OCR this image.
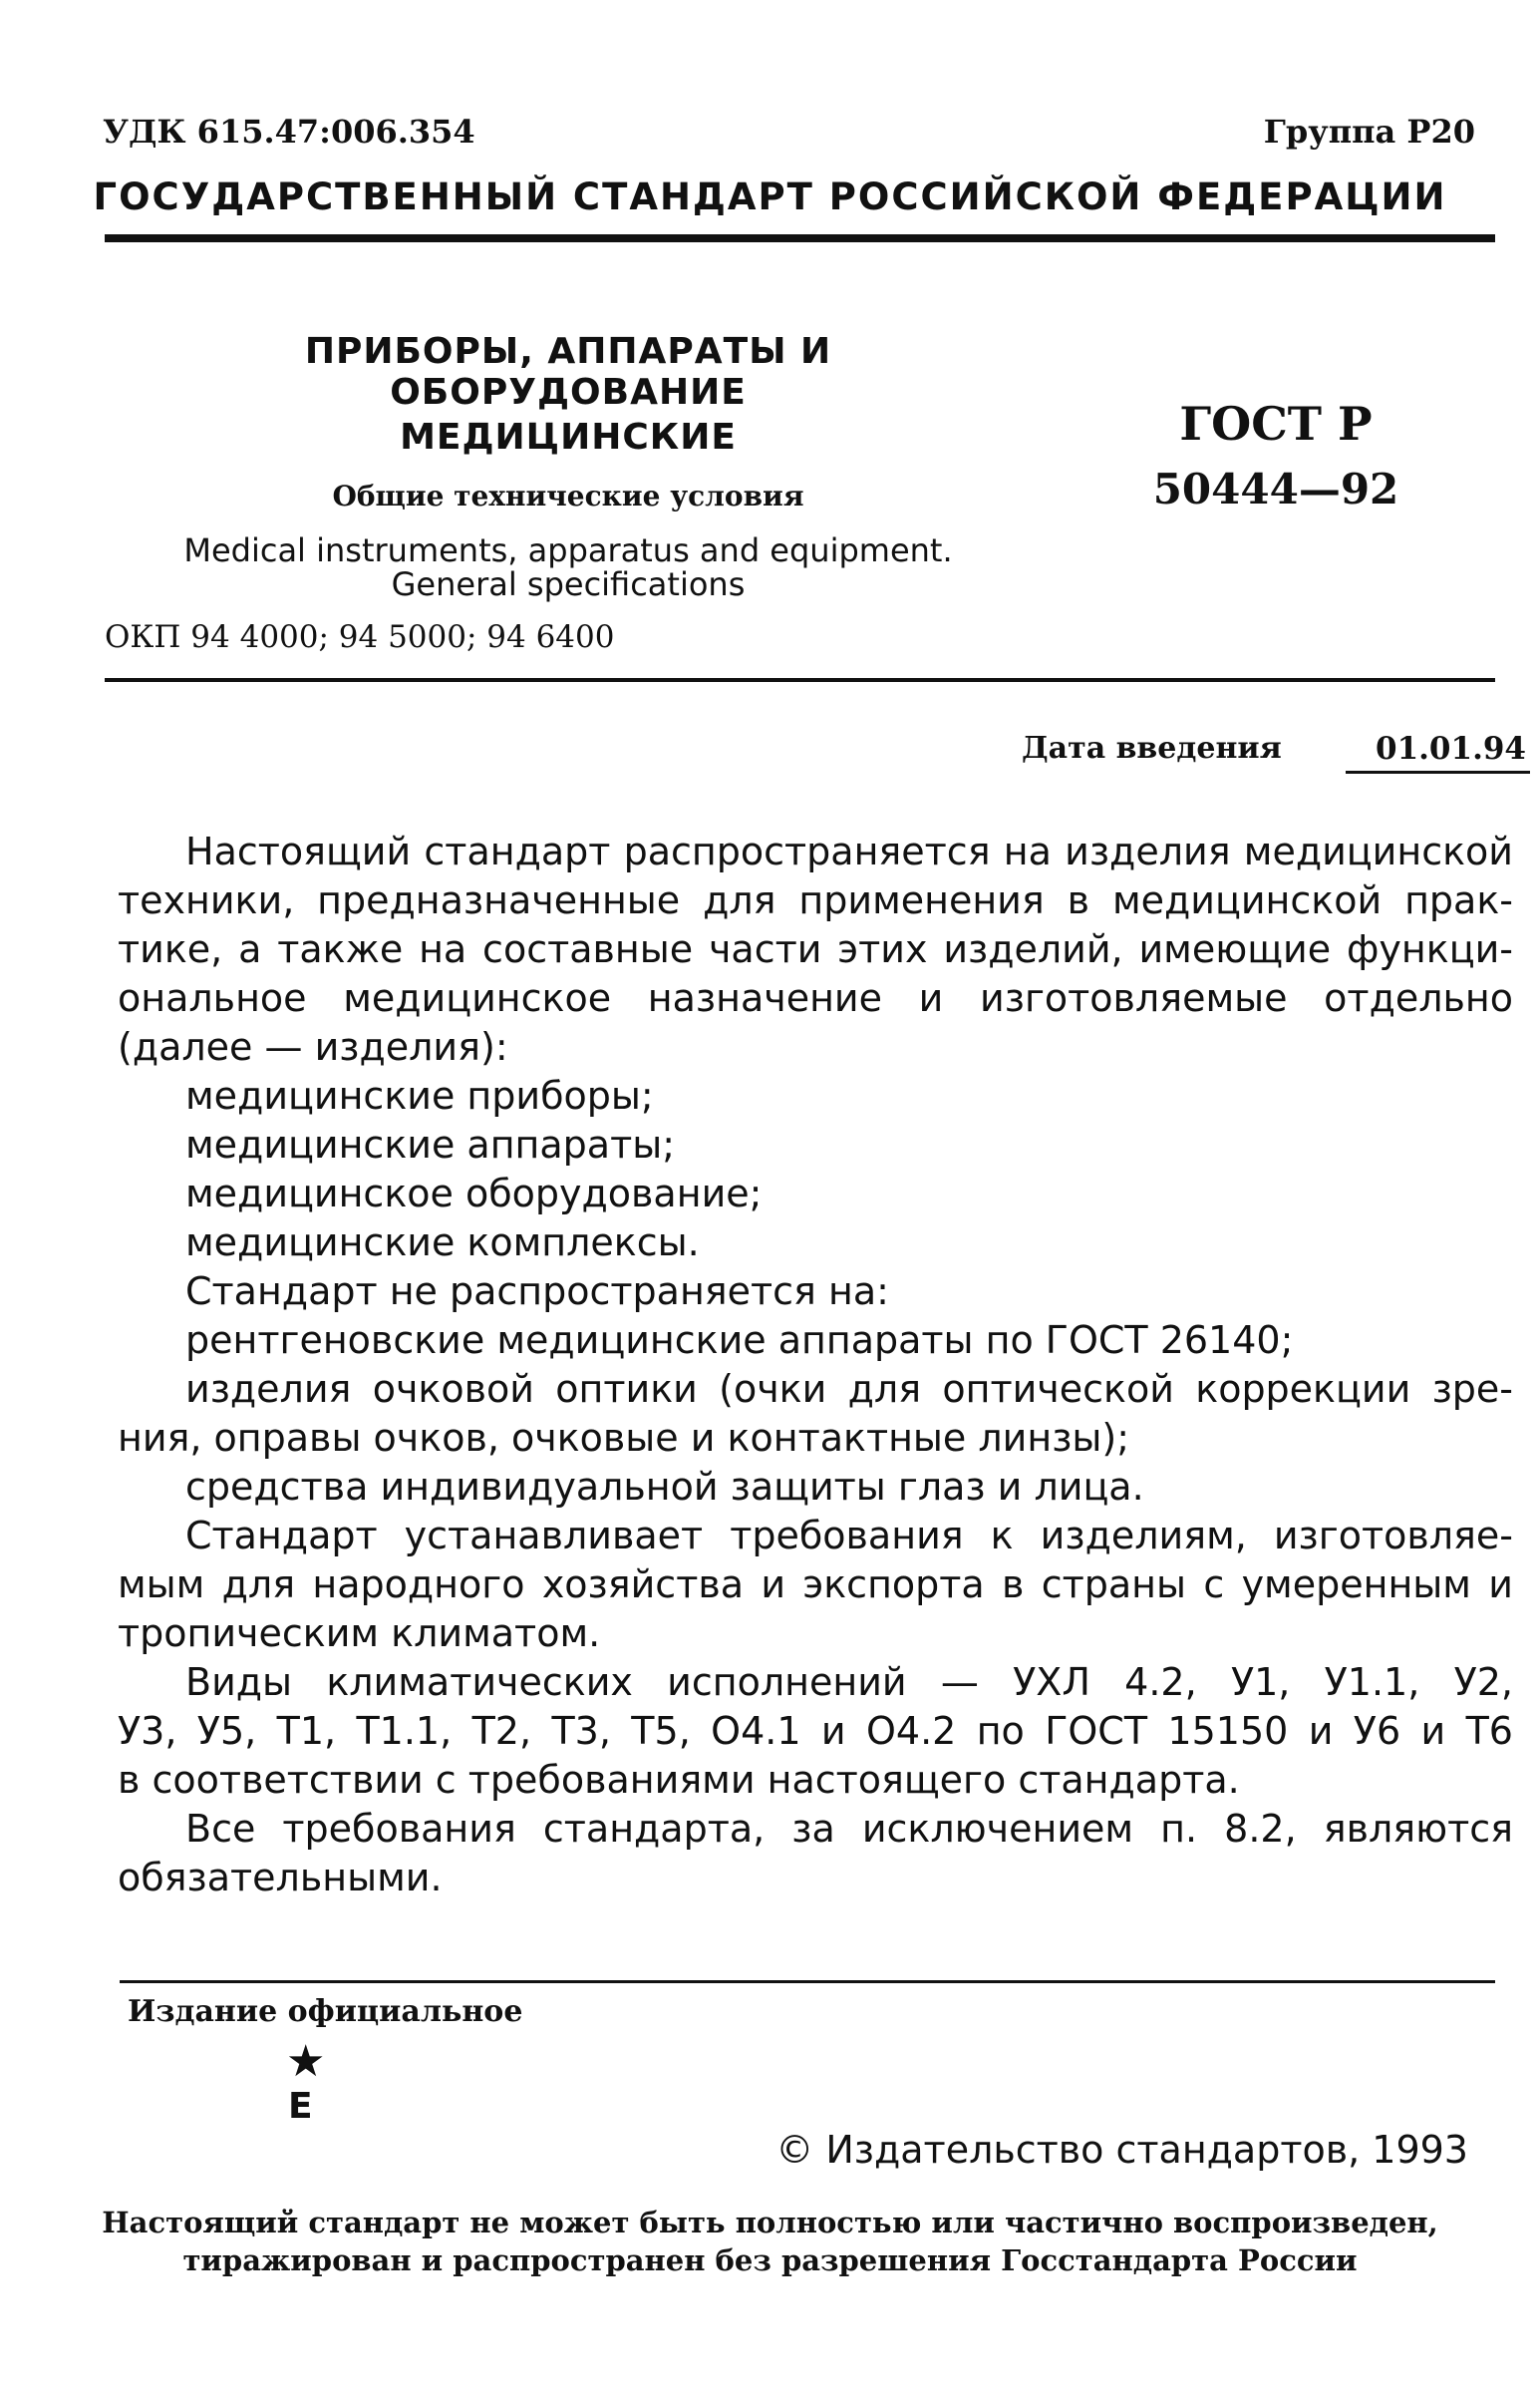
УДК 615.47:006.354	Группа Р20
ГОСУДАРСТВЕННЫЙ СТАНДАРТ РОССИЙСКОЙ ФЕДЕРАЦИИ
ПРИБОРЫ, АППАРАТЫ И ОБОРУДОВАНИЕ
МЕДИЦИНСКИЕ
Общие технические условия
Medical instruments, apparatus and equipment.
General specifications
ГОСТ Р
50444—92
ОКП 94 4000; 94 5000; 94 6400
Дата введения	01.01.94

Настоящий стандарт распространяется на изделия медицинской

техники, предназначенные для применения в медицинской прак-

тике, а также на составные части этих изделий, имеющие функци-

ональное медицинское назначение и изготовляемые отдельно

(далее — изделия):

медицинские приборы;

медицинские аппараты;

медицинское оборудование;

медицинские комплексы.

Стандарт не распространяется на:

рентгеновские медицинские аппараты по ГОСТ 26140;

изделия очковой оптики (очки для оптической коррекции зре-

ния, оправы очков, очковые и контактные линзы);

средства индивидуальной защиты глаз и лица.

Стандарт устанавливает требования к изделиям, изготовляе-

мым для народного хозяйства и экспорта в страны с умеренным и

тропическим климатом.

Виды климатических исполнений — УХЛ 4.2, У1, У1.1, У2,

У3, У5, Т1, Т1.1, Т2, Т3, Т5, О4.1 и О4.2 по ГОСТ 15150 и У6 и Т6

в соответствии с требованиями настоящего стандарта.

Все требования стандарта, за исключением п. 8.2, являются

обязательными.

Издание официальное
★
Е
© Издательство стандартов, 1993
Настоящий стандарт не может быть полностью или частично воспроизведен,
тиражирован и распространен без разрешения Госстандарта России
